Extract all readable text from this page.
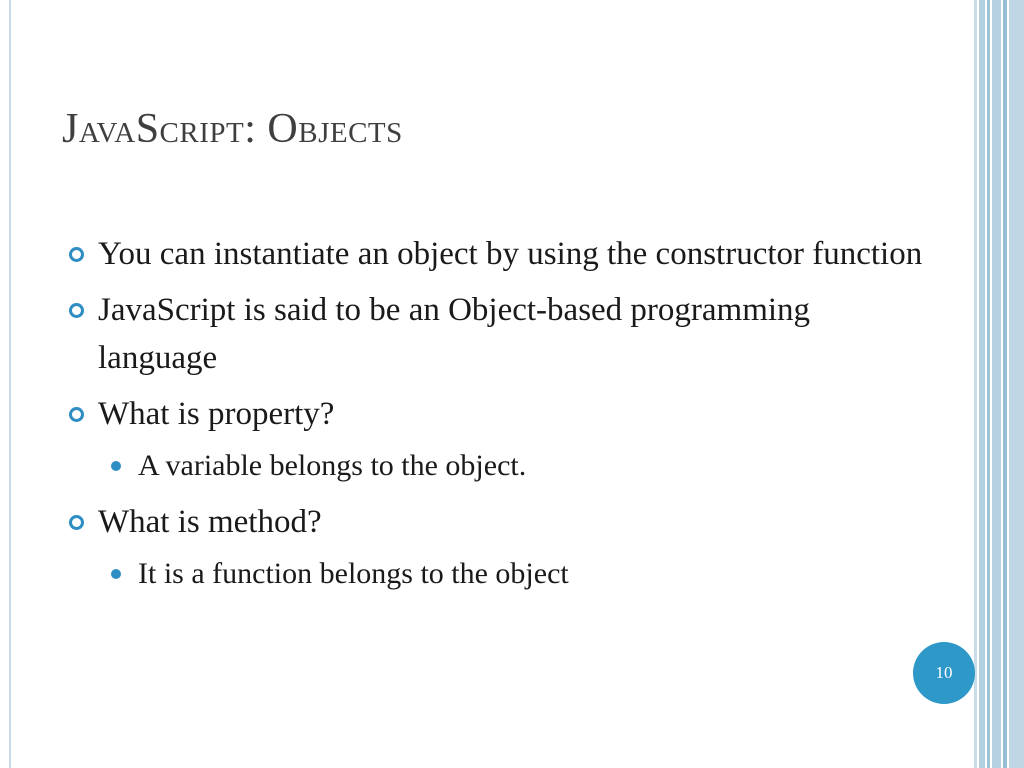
JavaScript: Objects
You can instantiate an object by using the constructor function
JavaScript is said to be an Object-based programming language
What is property?
A variable belongs to the object.
What is method?
It is a function belongs to the object
10
